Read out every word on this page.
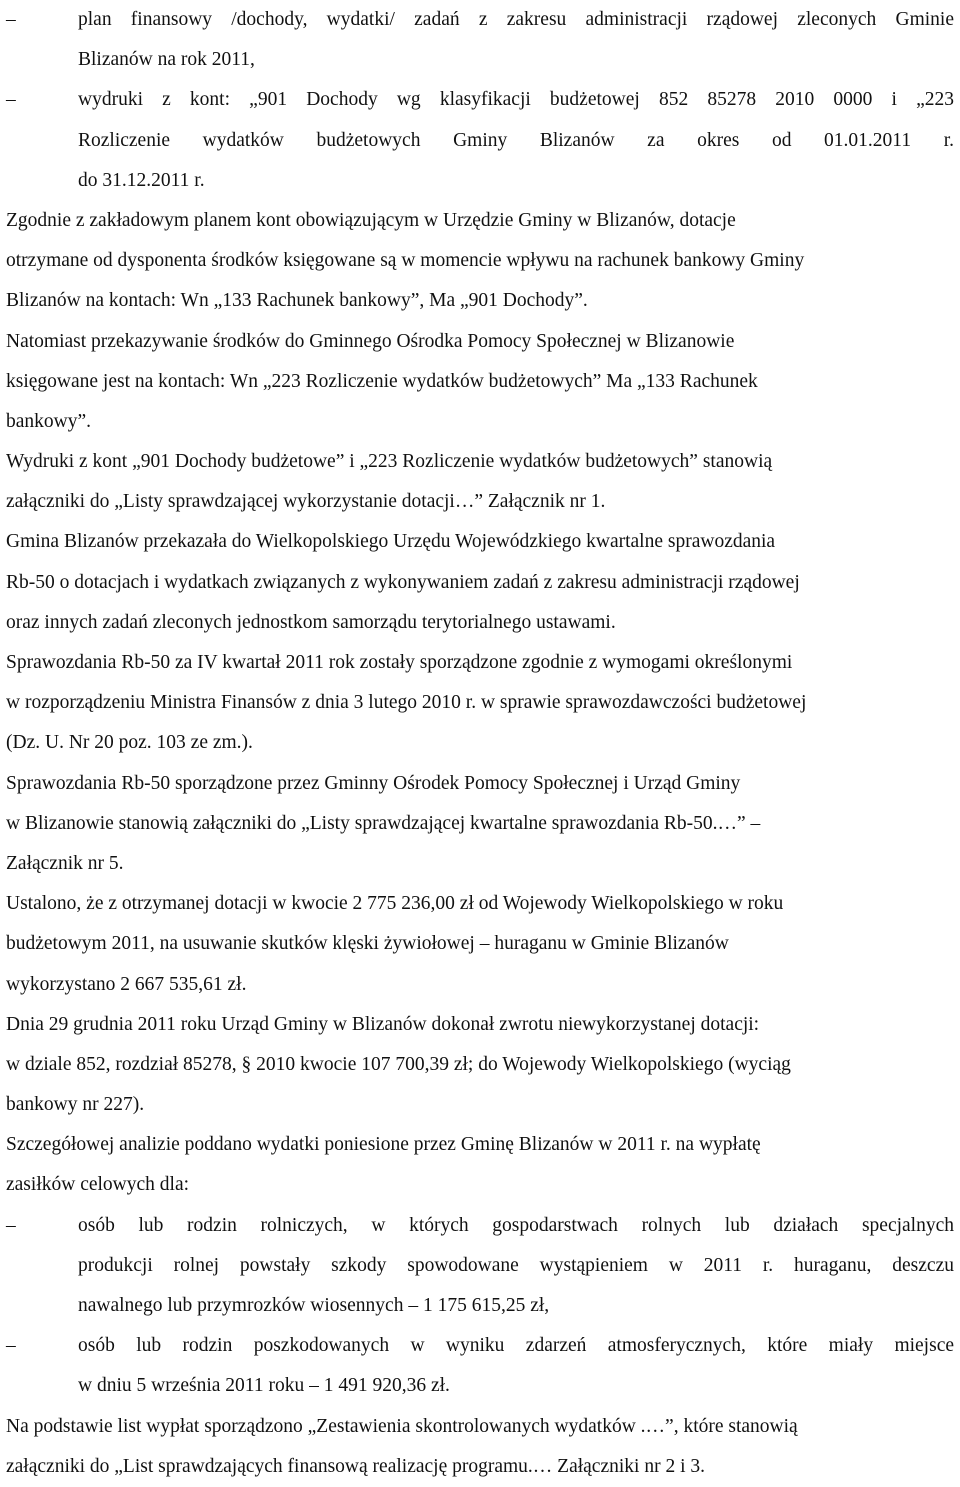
–	plan finansowy /dochody, wydatki/ zadań z zakresu administracji rządowej zleconych Gminie
Blizanów na rok 2011,
–	wydruki z kont: „901 Dochody wg klasyfikacji budżetowej 852 85278 2010 0000 i „223
Rozliczenie wydatków budżetowych Gminy Blizanów za okres od 01.01.2011 r.
do 31.12.2011 r.
Zgodnie z zakładowym planem kont obowiązującym w Urzędzie Gminy w Blizanów, dotacje
otrzymane od dysponenta środków księgowane są w momencie wpływu na rachunek bankowy Gminy
Blizanów na kontach: Wn „133 Rachunek bankowy”, Ma „901 Dochody”.
Natomiast przekazywanie środków do Gminnego Ośrodka Pomocy Społecznej w Blizanowie
księgowane jest na kontach: Wn „223 Rozliczenie wydatków budżetowych” Ma „133 Rachunek
bankowy”.
Wydruki z kont „901 Dochody budżetowe” i „223 Rozliczenie wydatków budżetowych” stanowią
załączniki do „Listy sprawdzającej wykorzystanie dotacji…” Załącznik nr 1.
Gmina Blizanów przekazała do Wielkopolskiego Urzędu Wojewódzkiego kwartalne sprawozdania
Rb-50 o dotacjach i wydatkach związanych z wykonywaniem zadań z zakresu administracji rządowej
oraz innych zadań zleconych jednostkom samorządu terytorialnego ustawami.
Sprawozdania Rb-50 za IV kwartał 2011 rok zostały sporządzone zgodnie z wymogami określonymi
w rozporządzeniu Ministra Finansów z dnia 3 lutego 2010 r. w sprawie sprawozdawczości budżetowej
(Dz. U. Nr 20 poz. 103 ze zm.).
Sprawozdania Rb-50 sporządzone przez Gminny Ośrodek Pomocy Społecznej i Urząd Gminy
w Blizanowie stanowią załączniki do „Listy sprawdzającej kwartalne sprawozdania Rb-50.…” –
Załącznik nr 5.
Ustalono, że z otrzymanej dotacji w kwocie 2 775 236,00 zł od Wojewody Wielkopolskiego w roku
budżetowym 2011, na usuwanie skutków klęski żywiołowej – huraganu w Gminie Blizanów
wykorzystano 2 667 535,61 zł.
Dnia 29 grudnia 2011 roku Urząd Gminy w Blizanów dokonał zwrotu niewykorzystanej dotacji:
w dziale 852, rozdział 85278, § 2010 kwocie 107 700,39 zł; do Wojewody Wielkopolskiego (wyciąg
bankowy nr 227).
Szczegółowej analizie poddano wydatki poniesione przez Gminę Blizanów w 2011 r. na wypłatę
zasiłków celowych dla:
–	osób lub rodzin rolniczych, w których gospodarstwach rolnych lub działach specjalnych
produkcji rolnej powstały szkody spowodowane wystąpieniem w 2011 r. huraganu, deszczu
nawalnego lub przymrozków wiosennych – 1 175 615,25 zł,
–	osób lub rodzin poszkodowanych w wyniku zdarzeń atmosferycznych, które miały miejsce
w dniu 5 września 2011 roku – 1 491 920,36 zł.
Na podstawie list wypłat sporządzono „Zestawienia skontrolowanych wydatków .…”, które stanowią
załączniki do „List sprawdzających finansową realizację programu.… Załączniki nr 2 i 3.
